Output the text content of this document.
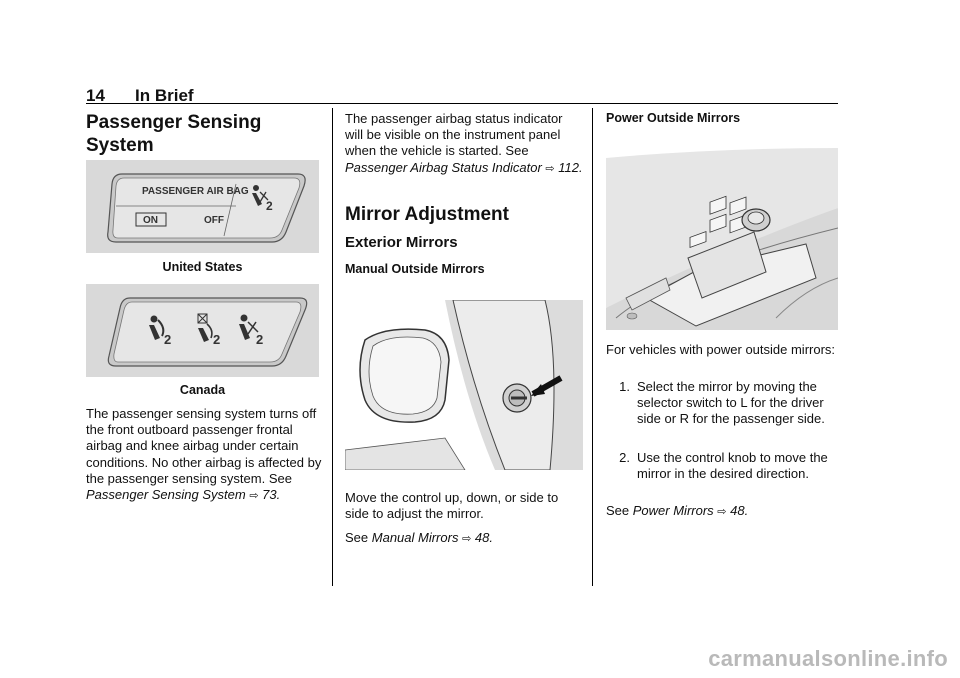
14 In Brief
Passenger Sensing System
PASSENGER AIR BAG
ON	OFF
2
United States
2	2	2
Canada
The passenger sensing system turns off the front outboard passenger frontal airbag and knee airbag under certain conditions. No other airbag is affected by the passenger sensing system. See
Passenger Sensing System ⇨ 73.
The passenger airbag status indicator will be visible on the instrument panel when the vehicle is started. See Passenger Airbag Status Indicator ⇨ 112.
Mirror Adjustment
Exterior Mirrors
Manual Outside Mirrors
Move the control up, down, or side to side to adjust the mirror.
See Manual Mirrors ⇨ 48.
Power Outside Mirrors
For vehicles with power outside mirrors:
1. Select the mirror by moving the selector switch to L for the driver side or R for the passenger side.
2. Use the control knob to move the mirror in the desired direction.
See Power Mirrors ⇨ 48.
carmanualsonline.info
